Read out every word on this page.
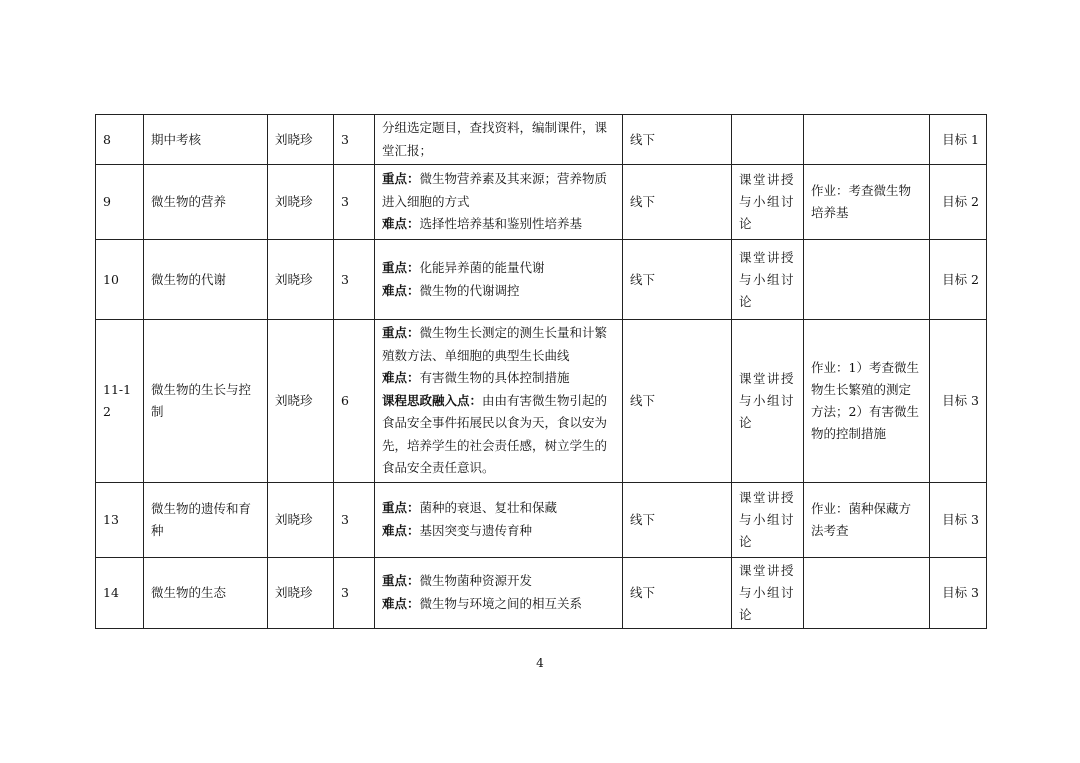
8	期中考核	刘晓珍	3	分组选定题目，查找资料，编制课件，课堂汇报；	线下			目标 1
9	微生物的营养	刘晓珍	3	重点：微生物营养素及其来源；营养物质进入细胞的方式
难点：选择性培养基和鉴别性培养基	线下	课堂讲授与小组讨论	作业：考查微生物培养基	目标 2
10	微生物的代谢	刘晓珍	3	重点：化能异养菌的能量代谢
难点：微生物的代谢调控	线下	课堂讲授与小组讨论		目标 2
11-12	微生物的生长与控制	刘晓珍	6	重点：微生物生长测定的测生长量和计繁殖数方法、单细胞的典型生长曲线
难点：有害微生物的具体控制措施
课程思政融入点：由由有害微生物引起的食品安全事件拓展民以食为天，食以安为先，培养学生的社会责任感，树立学生的食品安全责任意识。	线下	课堂讲授与小组讨论	作业：1）考查微生物生长繁殖的测定方法；2）有害微生物的控制措施	目标 3
13	微生物的遗传和育种	刘晓珍	3	重点：菌种的衰退、复壮和保藏
难点：基因突变与遗传育种	线下	课堂讲授与小组讨论	作业：菌种保藏方法考查	目标 3
14	微生物的生态	刘晓珍	3	重点：微生物菌种资源开发
难点：微生物与环境之间的相互关系	线下	课堂讲授与小组讨论		目标 3
4
